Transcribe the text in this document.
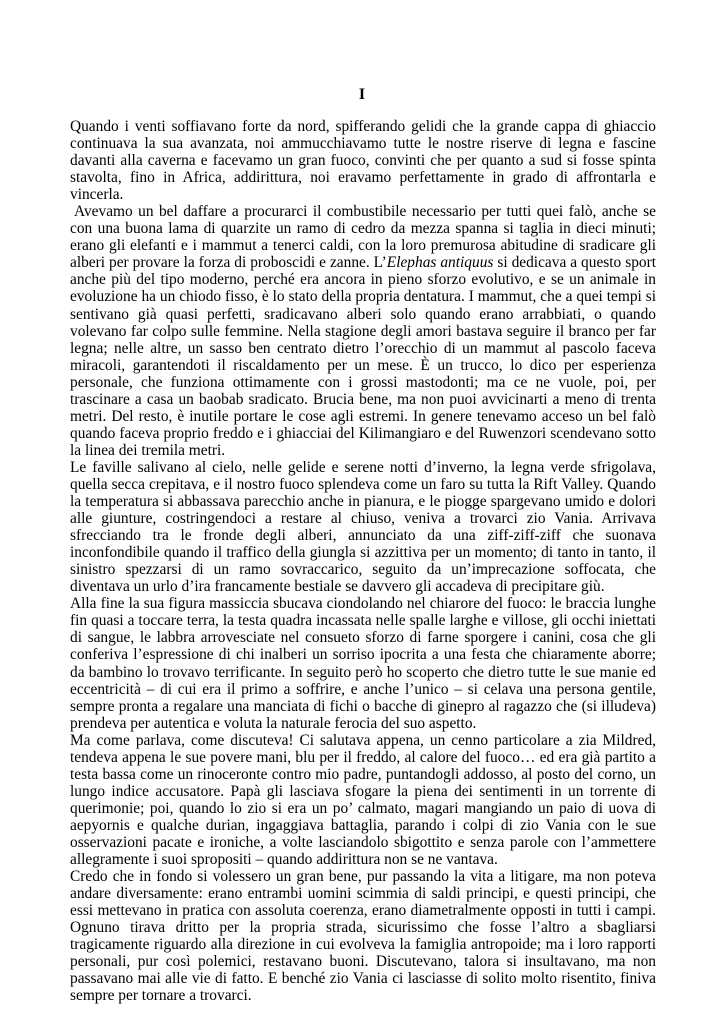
I

Quando i venti soffiavano forte da nord, spifferando gelidi che la grande cappa di ghiaccio continuava la sua avanzata, noi ammucchiavamo tutte le nostre riserve di legna e fascine davanti alla caverna e facevamo un gran fuoco, convinti che per quanto a sud si fosse spinta stavolta, fino in Africa, addirittura, noi eravamo perfettamente in grado di affrontarla e vincerla.

Avevamo un bel daffare a procurarci il combustibile necessario per tutti quei falò, anche se con una buona lama di quarzite un ramo di cedro da mezza spanna si taglia in dieci minuti; erano gli elefanti e i mammut a tenerci caldi, con la loro premurosa abitudine di sradicare gli alberi per provare la forza di proboscidi e zanne. L’Elephas antiquus si dedicava a questo sport anche più del tipo moderno, perché era ancora in pieno sforzo evolutivo, e se un animale in evoluzione ha un chiodo fisso, è lo stato della propria dentatura. I mammut, che a quei tempi si sentivano già quasi perfetti, sradicavano alberi solo quando erano arrabbiati, o quando volevano far colpo sulle femmine. Nella stagione degli amori bastava seguire il branco per far legna; nelle altre, un sasso ben centrato dietro l’orecchio di un mammut al pascolo faceva miracoli, garantendoti il riscaldamento per un mese. È un trucco, lo dico per esperienza personale, che funziona ottimamente con i grossi mastodonti; ma ce ne vuole, poi, per trascinare a casa un baobab sradicato. Brucia bene, ma non puoi avvicinarti a meno di trenta metri. Del resto, è inutile portare le cose agli estremi. In genere tenevamo acceso un bel falò quando faceva proprio freddo e i ghiacciai del Kilimangiaro e del Ruwenzori scendevano sotto la linea dei tremila metri.

Le faville salivano al cielo, nelle gelide e serene notti d’inverno, la legna verde sfrigolava, quella secca crepitava, e il nostro fuoco splendeva come un faro su tutta la Rift Valley. Quando la temperatura si abbassava parecchio anche in pianura, e le piogge spargevano umido e dolori alle giunture, costringendoci a restare al chiuso, veniva a trovarci zio Vania. Arrivava sfrecciando tra le fronde degli alberi, annunciato da una ziff-ziff-ziff che suonava inconfondibile quando il traffico della giungla si azzittiva per un momento; di tanto in tanto, il sinistro spezzarsi di un ramo sovraccarico, seguito da un’imprecazione soffocata, che diventava un urlo d’ira francamente bestiale se davvero gli accadeva di precipitare giù.

Alla fine la sua figura massiccia sbucava ciondolando nel chiarore del fuoco: le braccia lunghe fin quasi a toccare terra, la testa quadra incassata nelle spalle larghe e villose, gli occhi iniettati di sangue, le labbra arrovesciate nel consueto sforzo di farne sporgere i canini, cosa che gli conferiva l’espressione di chi inalberi un sorriso ipocrita a una festa che chiaramente aborre; da bambino lo trovavo terrificante. In seguito però ho scoperto che dietro tutte le sue manie ed eccentricità – di cui era il primo a soffrire, e anche l’unico – si celava una persona gentile, sempre pronta a regalare una manciata di fichi o bacche di ginepro al ragazzo che (si illudeva) prendeva per autentica e voluta la naturale ferocia del suo aspetto.

Ma come parlava, come discuteva! Ci salutava appena, un cenno particolare a zia Mildred, tendeva appena le sue povere mani, blu per il freddo, al calore del fuoco… ed era già partito a testa bassa come un rinoceronte contro mio padre, puntandogli addosso, al posto del corno, un lungo indice accusatore. Papà gli lasciava sfogare la piena dei sentimenti in un torrente di querimonie; poi, quando lo zio si era un po’ calmato, magari mangiando un paio di uova di aepyornis e qualche durian, ingaggiava battaglia, parando i colpi di zio Vania con le sue osservazioni pacate e ironiche, a volte lasciandolo sbigottito e senza parole con l’ammettere allegramente i suoi spropositi – quando addirittura non se ne vantava.

Credo che in fondo si volessero un gran bene, pur passando la vita a litigare, ma non poteva andare diversamente: erano entrambi uomini scimmia di saldi principi, e questi principi, che essi mettevano in pratica con assoluta coerenza, erano diametralmente opposti in tutti i campi. Ognuno tirava dritto per la propria strada, sicurissimo che fosse l’altro a sbagliarsi tragicamente riguardo alla direzione in cui evolveva la famiglia antropoide; ma i loro rapporti personali, pur così polemici, restavano buoni. Discutevano, talora si insultavano, ma non passavano mai alle vie di fatto. E benché zio Vania ci lasciasse di solito molto risentito, finiva sempre per tornare a trovarci.
